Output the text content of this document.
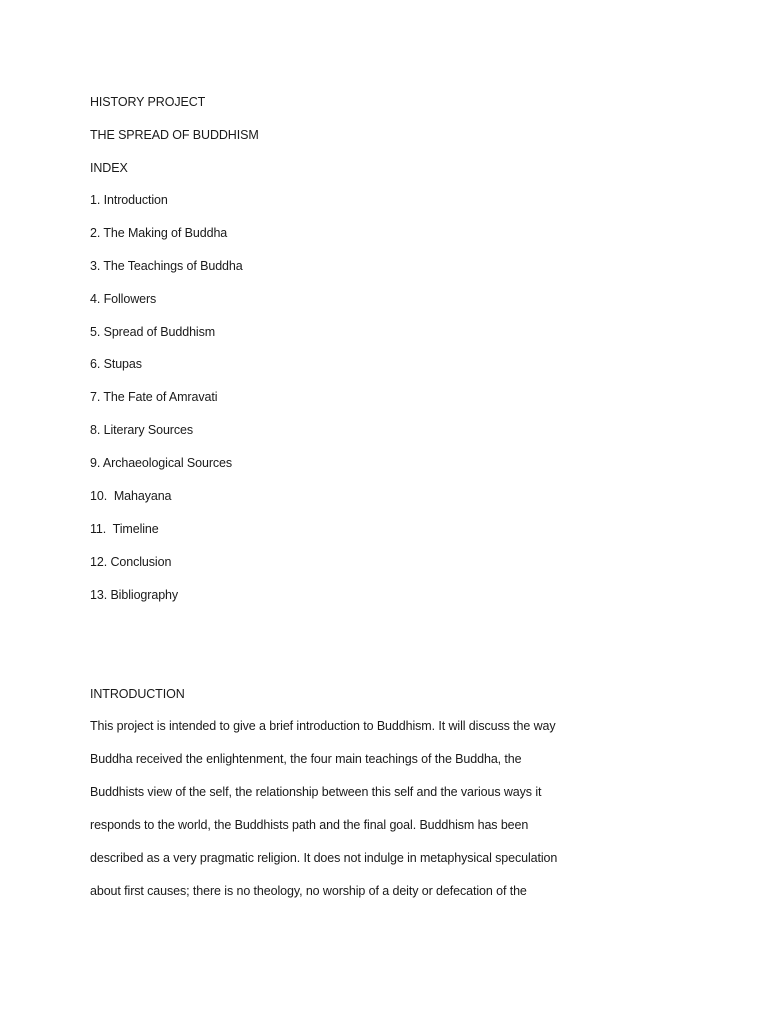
HISTORY PROJECT
THE SPREAD OF BUDDHISM
INDEX
1. Introduction
2. The Making of Buddha
3. The Teachings of Buddha
4. Followers
5. Spread of Buddhism
6. Stupas
7. The Fate of Amravati
8. Literary Sources
9. Archaeological Sources
10.  Mahayana
11.  Timeline
12. Conclusion
13. Bibliography
INTRODUCTION
This project is intended to give a brief introduction to Buddhism. It will discuss the way
Buddha received the enlightenment, the four main teachings of the Buddha, the
Buddhists view of the self, the relationship between this self and the various ways it
responds to the world, the Buddhists path and the final goal. Buddhism has been
described as a very pragmatic religion. It does not indulge in metaphysical speculation
about first causes; there is no theology, no worship of a deity or defecation of the
